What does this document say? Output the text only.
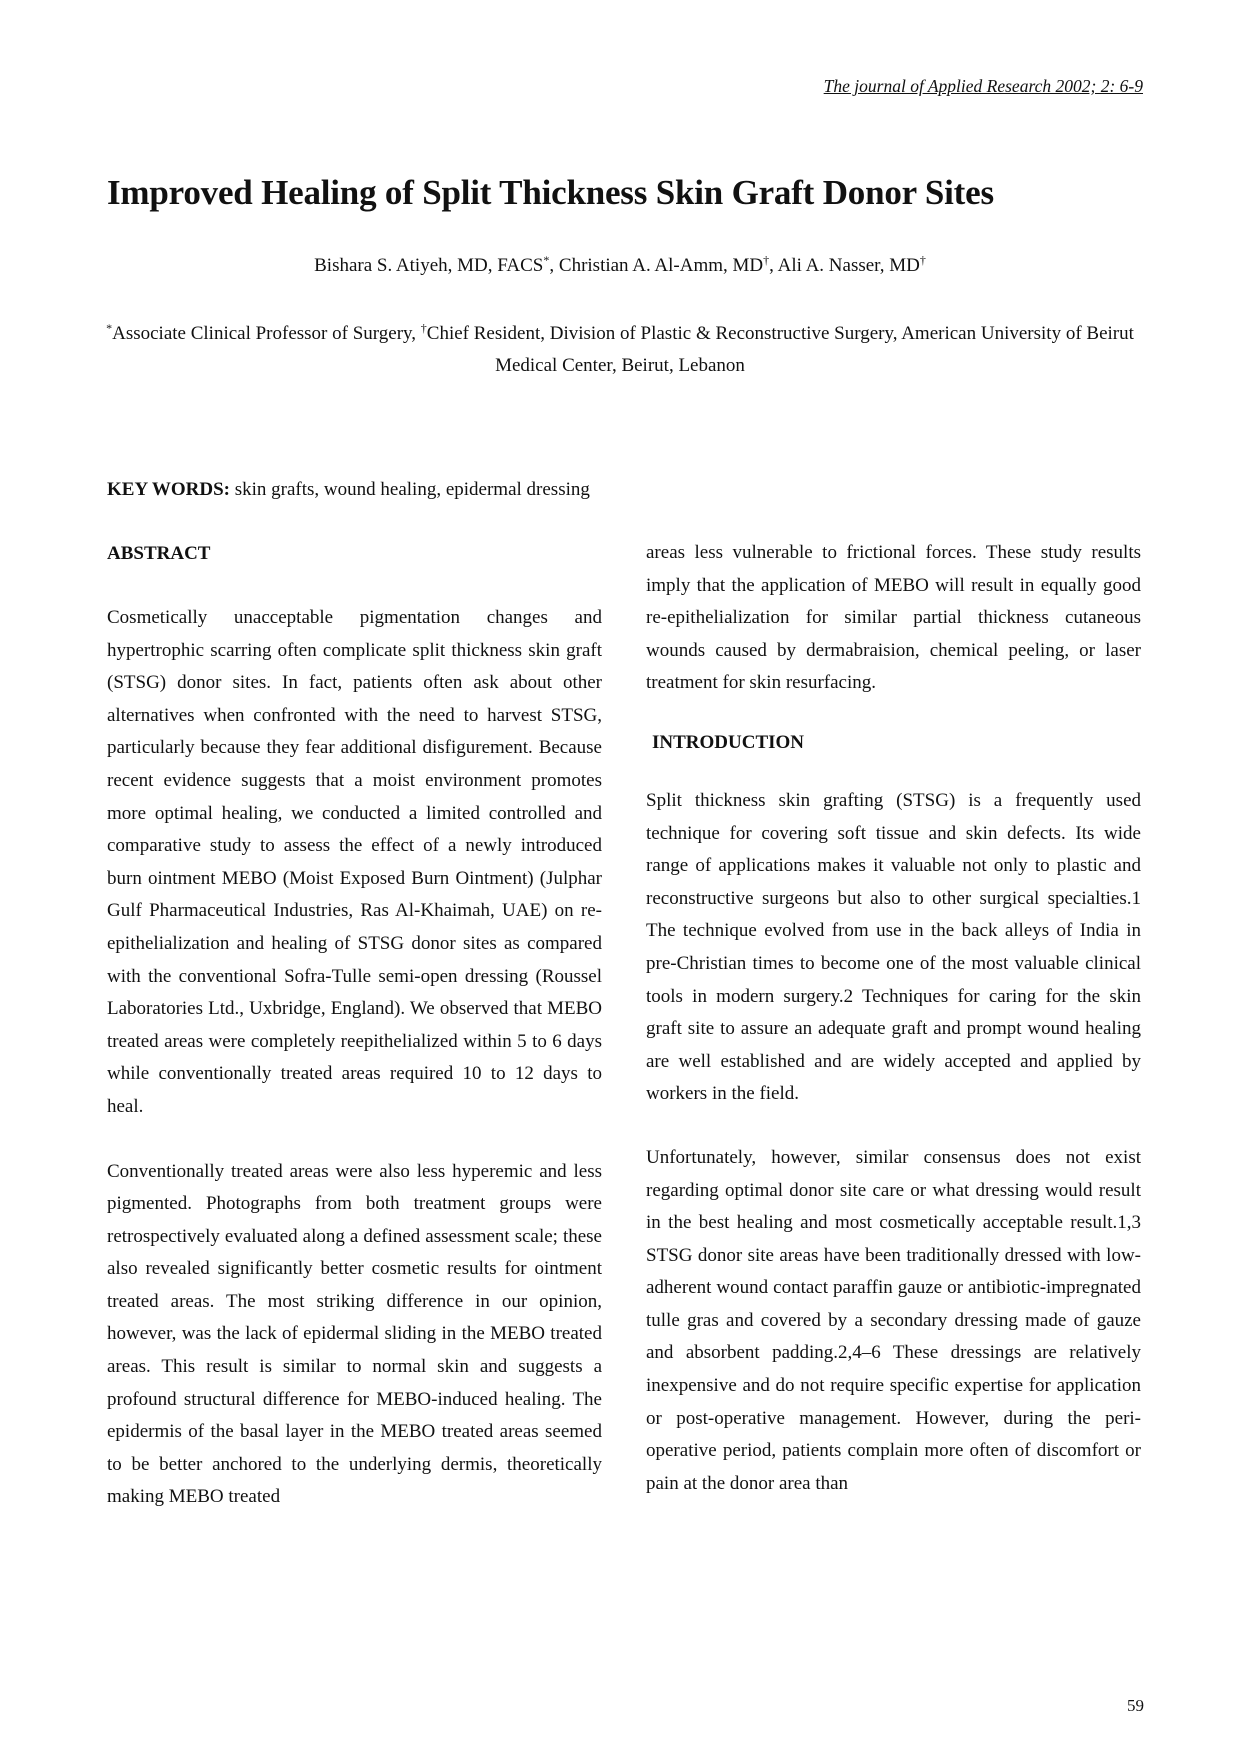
The journal of Applied Research 2002; 2: 6-9
Improved Healing of Split Thickness Skin Graft Donor Sites
Bishara S. Atiyeh, MD, FACS*, Christian A. Al-Amm, MD†, Ali A. Nasser, MD†
*Associate Clinical Professor of Surgery, †Chief Resident, Division of Plastic & Reconstructive Surgery, American University of Beirut Medical Center, Beirut, Lebanon
KEY WORDS: skin grafts, wound healing, epidermal dressing
ABSTRACT

Cosmetically unacceptable pigmentation changes and hypertrophic scarring often complicate split thickness skin graft (STSG) donor sites. In fact, patients often ask about other alternatives when confronted with the need to harvest STSG, particularly because they fear additional disfigurement. Because recent evidence suggests that a moist environment promotes more optimal healing, we conducted a limited controlled and comparative study to assess the effect of a newly introduced burn ointment MEBO (Moist Exposed Burn Ointment) (Julphar Gulf Pharmaceutical Industries, Ras Al-Khaimah, UAE) on re-epithelialization and healing of STSG donor sites as compared with the conventional Sofra-Tulle semi-open dressing (Roussel Laboratories Ltd., Uxbridge, England). We observed that MEBO treated areas were completely reepithelialized within 5 to 6 days while conventionally treated areas required 10 to 12 days to heal.

Conventionally treated areas were also less hyperemic and less pigmented. Photographs from both treatment groups were retrospectively evaluated along a defined assessment scale; these also revealed significantly better cosmetic results for ointment treated areas. The most striking difference in our opinion, however, was the lack of epidermal sliding in the MEBO treated areas. This result is similar to normal skin and suggests a profound structural difference for MEBO-induced healing. The epidermis of the basal layer in the MEBO treated areas seemed to be better anchored to the underlying dermis, theoretically making MEBO treated

areas less vulnerable to frictional forces. These study results imply that the application of MEBO will result in equally good re-epithelialization for similar partial thickness cutaneous wounds caused by dermabraision, chemical peeling, or laser treatment for skin resurfacing.

INTRODUCTION

Split thickness skin grafting (STSG) is a frequently used technique for covering soft tissue and skin defects. Its wide range of applications makes it valuable not only to plastic and reconstructive surgeons but also to other surgical specialties.1 The technique evolved from use in the back alleys of India in pre-Christian times to become one of the most valuable clinical tools in modern surgery.2 Techniques for caring for the skin graft site to assure an adequate graft and prompt wound healing are well established and are widely accepted and applied by workers in the field.

Unfortunately, however, similar consensus does not exist regarding optimal donor site care or what dressing would result in the best healing and most cosmetically acceptable result.1,3 STSG donor site areas have been traditionally dressed with low-adherent wound contact paraffin gauze or antibiotic-impregnated tulle gras and covered by a secondary dressing made of gauze and absorbent padding.2,4–6 These dressings are relatively inexpensive and do not require specific expertise for application or post-operative management. However, during the peri-operative period, patients complain more often of discomfort or pain at the donor area than

59
